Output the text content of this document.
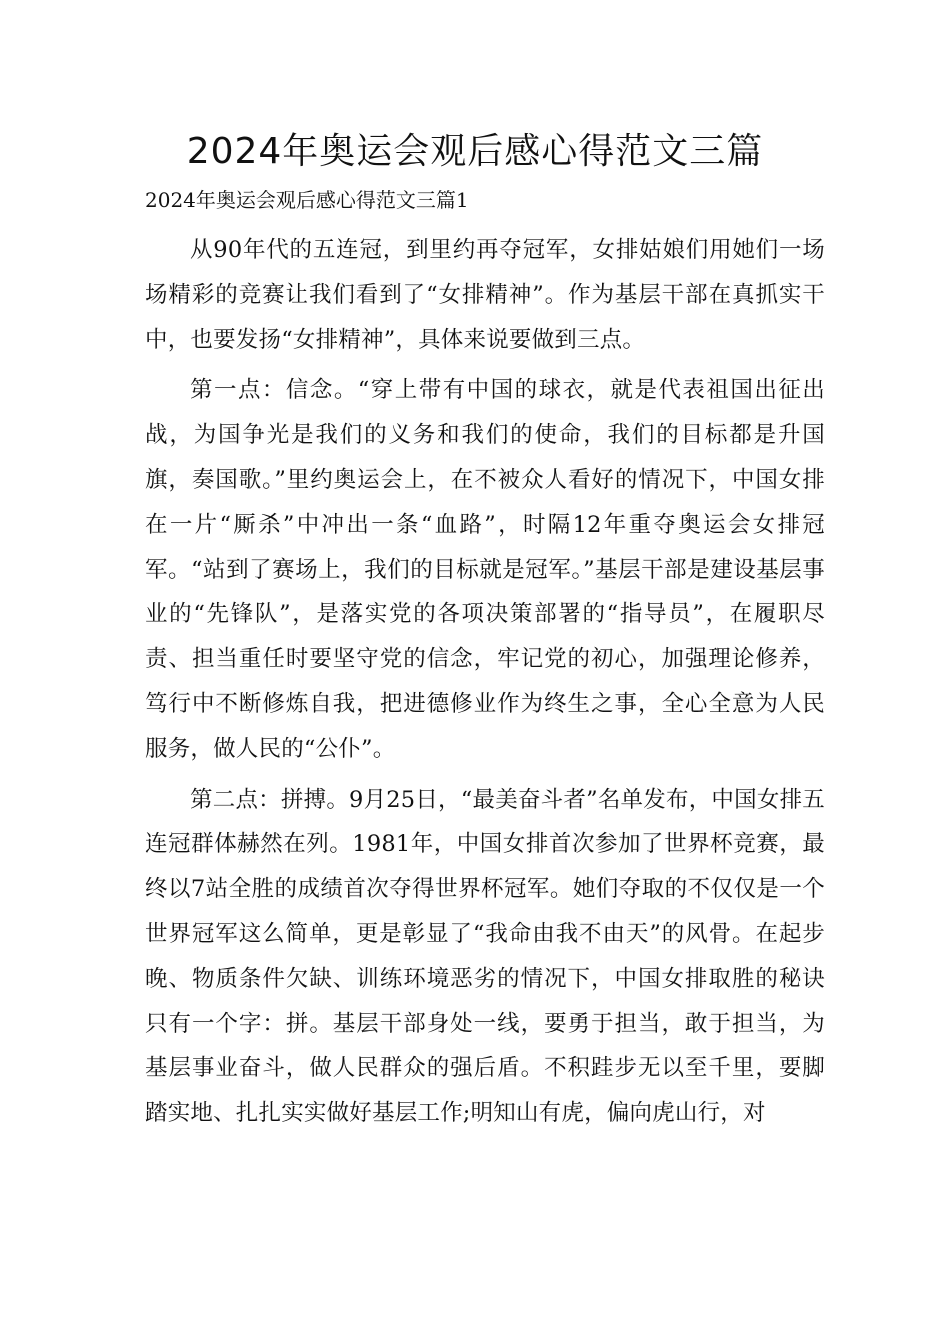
2024年奥运会观后感心得范文三篇

2024年奥运会观后感心得范文三篇1

从90年代的五连冠，到里约再夺冠军，女排姑娘们用她们一场场精彩的竞赛让我们看到了“女排精神”。作为基层干部在真抓实干中，也要发扬“女排精神”，具体来说要做到三点。

第一点：信念。“穿上带有中国的球衣，就是代表祖国出征出战，为国争光是我们的义务和我们的使命，我们的目标都是升国旗，奏国歌。”里约奥运会上，在不被众人看好的情况下，中国女排在一片“厮杀”中冲出一条“血路”，时隔12年重夺奥运会女排冠军。“站到了赛场上，我们的目标就是冠军。”基层干部是建设基层事业的“先锋队”，是落实党的各项决策部署的“指导员”，在履职尽责、担当重任时要坚守党的信念，牢记党的初心，加强理论修养，笃行中不断修炼自我，把进德修业作为终生之事，全心全意为人民服务，做人民的“公仆”。

第二点：拼搏。9月25日，“最美奋斗者”名单发布，中国女排五连冠群体赫然在列。1981年，中国女排首次参加了世界杯竞赛，最终以7站全胜的成绩首次夺得世界杯冠军。她们夺取的不仅仅是一个世界冠军这么简单，更是彰显了“我命由我不由天”的风骨。在起步晚、物质条件欠缺、训练环境恶劣的情况下，中国女排取胜的秘诀只有一个字：拼。基层干部身处一线，要勇于担当，敢于担当，为基层事业奋斗，做人民群众的强后盾。不积跬步无以至千里，要脚踏实地、扎扎实实做好基层工作;明知山有虎，偏向虎山行，对
